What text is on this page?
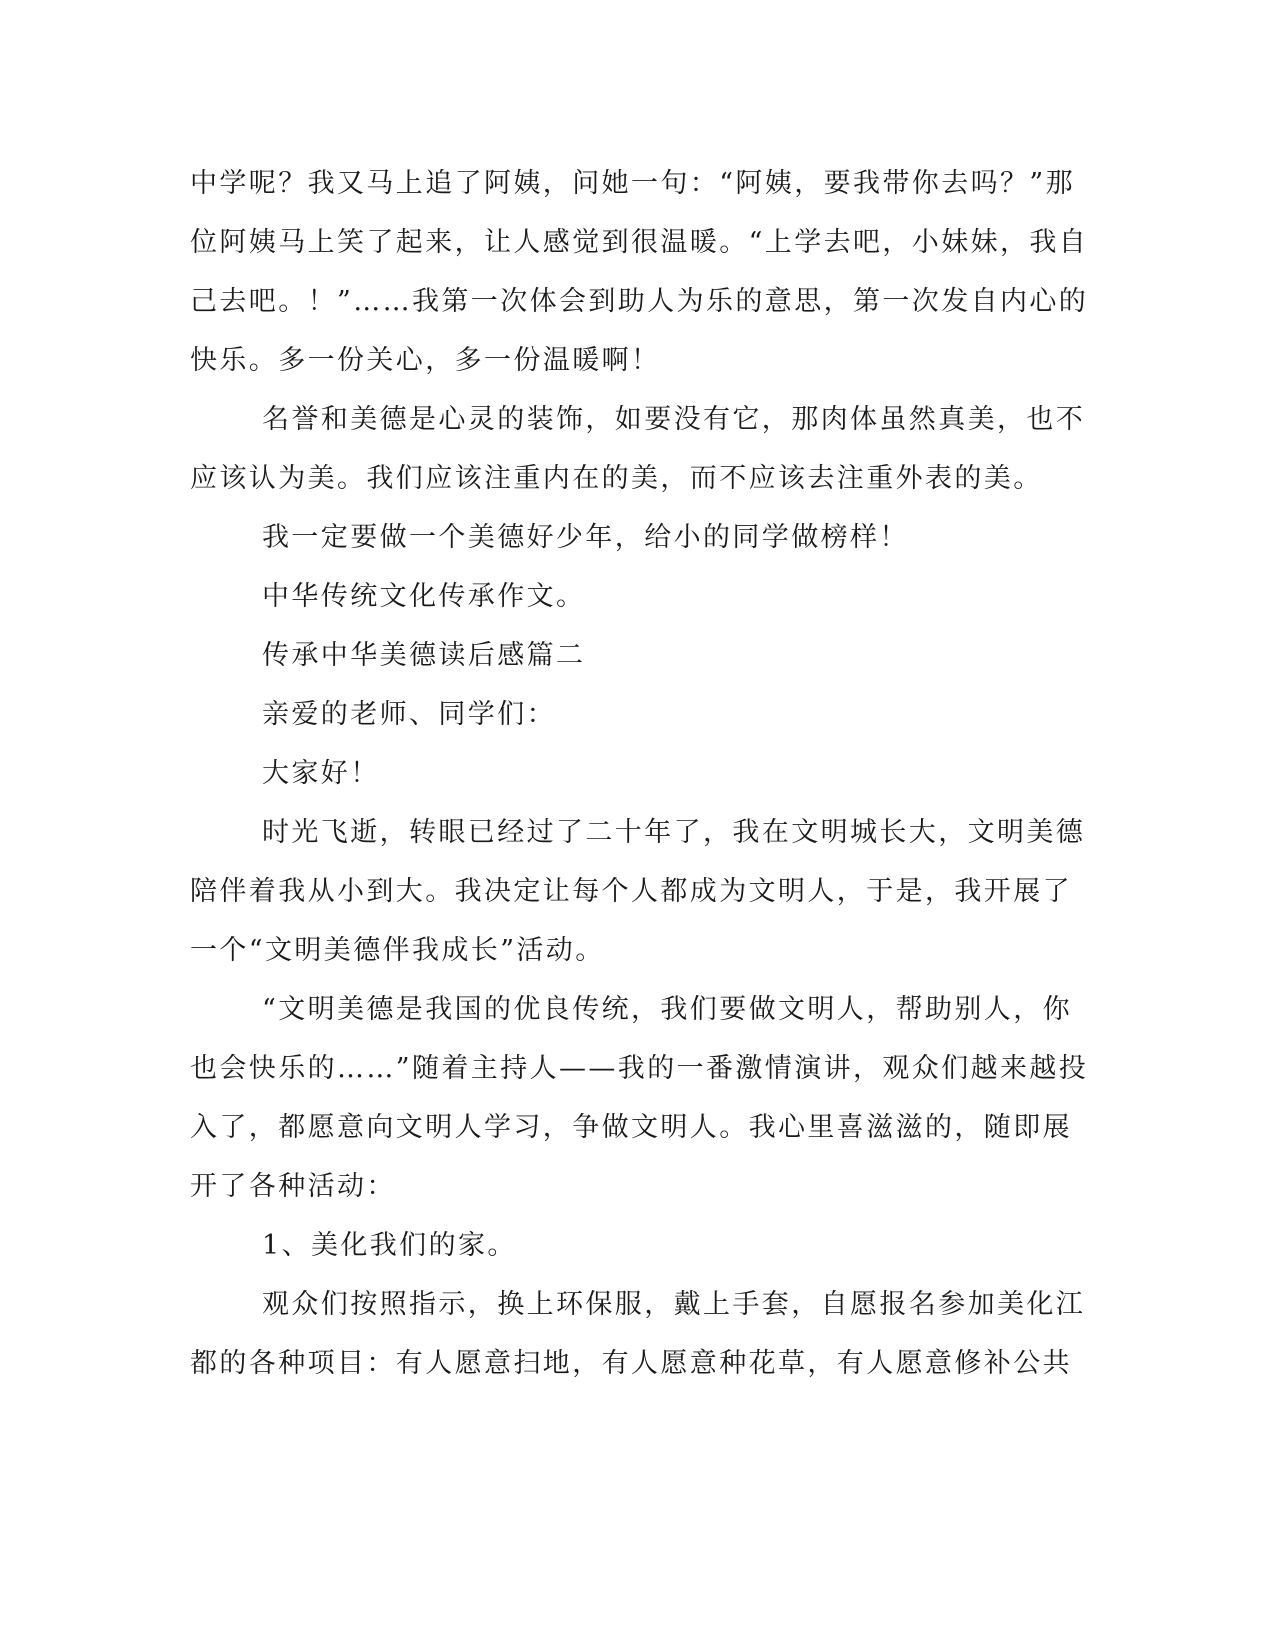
中学呢？我又马上追了阿姨，问她一句：“阿姨，要我带你去吗？”那
位阿姨马上笑了起来，让人感觉到很温暖。“上学去吧，小妹妹，我自
己去吧。！”……我第一次体会到助人为乐的意思，第一次发自内心的
快乐。多一份关心，多一份温暖啊！
名誉和美德是心灵的装饰，如要没有它，那肉体虽然真美，也不
应该认为美。我们应该注重内在的美，而不应该去注重外表的美。
我一定要做一个美德好少年，给小的同学做榜样！
中华传统文化传承作文。
传承中华美德读后感篇二
亲爱的老师、同学们：
大家好！
时光飞逝，转眼已经过了二十年了，我在文明城长大，文明美德
陪伴着我从小到大。我决定让每个人都成为文明人，于是，我开展了
一个“文明美德伴我成长”活动。
“文明美德是我国的优良传统，我们要做文明人，帮助别人，你
也会快乐的……”随着主持人——我的一番激情演讲，观众们越来越投
入了，都愿意向文明人学习，争做文明人。我心里喜滋滋的，随即展
开了各种活动：
1、美化我们的家。
观众们按照指示，换上环保服，戴上手套，自愿报名参加美化江
都的各种项目：有人愿意扫地，有人愿意种花草，有人愿意修补公共
